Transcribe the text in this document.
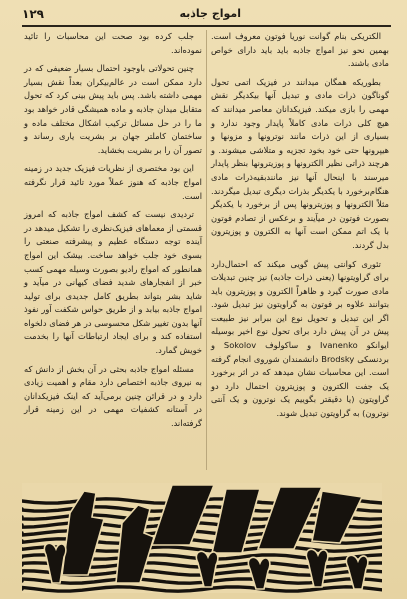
امواج جاذبه
۱۲۹

الکتریکی بنام گوانت نوریا فوتون معروف است. بهمین نحو نیز امواج جاذبه باید باید دارای خواص مادی باشند.

بطوریکه همگان میدانند در فیزیک اتمی تحول گوناگون ذرات مادی و تبدیل آنها بیکدیگر نقش مهمی را بازی میکند. فیزیکدانان معاصر میدانند که هیچ کلی ذرات مادی کاملاً پایدار وجود ندارد و بسیاری از این ذرات مانند نوترونها و مزونها و هیپرونها حتی خود بخود تجزیه و متلاشی میشوند. و هرچند ذراتی نظیر الکترونها و پوزیترونها بنظر پایدار میرسند با اینحال آنها نیز مانندبقیه‌ذرات مادی هنگام‌برخورد با یکدیگر بذرات دیگری تبدیل میگردند. مثلاً الکترونها و پوزیترونها پس از برخورد با یکدیگر بصورت فوتون در میآیند و برعکس از تصادم فوتون با یک اتم ممکن است آنها به الکترون و پوزیترون بدل گردند.

تئوری کوانتی پیش گویی میکند که احتمال‌دارد برای گراویتونها (یعنی ذرات جاذبه) نیز چنین تبدیلات مادی صورت گیرد و ظاهراً الکترون و پوزیترون باید بتوانند علاوه بر فوتون به گراویتون نیز تبدیل شود. اگر این تبدیل و تحویل نوع این ببرابر نیز طبیعت پیش در آن پیش دارد برای تحول نوع اخیر بوسیله ایوانکو Ivanenko و ساکولوف Sokolov و بردنسکی Brodsky دانشمندان شوروی انجام گرفته است. این محاسبات نشان میدهد که در اثر برخورد یک جفت الکترون و پوزیترون احتمال دارد دو گراویتون (یا دقیقتر بگوییم یک نوترون و یک آنتی نوترون) به گراویتون تبدیل شوند.

جلب کرده بود صحت این محاسبات را تائید نموده‌اند.

چنین تحولاتی باوجود احتمال بسیار ضعیفی که در دارد ممکن است در عالم‌بیکران بعداً نقش بسیار مهمی داشته باشد. پس باید پیش بینی کرد که تحول متقابل میدان جاذبه و ماده همیشگی قادر خواهد بود ما را در حل مسائل ترکیب اشکال مختلف ماده و ساختمان کاملتر جهان بر بشریت یاری رساند و تصور آن را بر بشریت بخشاید.

این بود مختصری از نظریات فیزیک جدید در زمینه امواج جاذبه که هنوز عملاً مورد تائید قرار نگرفته است.

تردیدی نیست که کشف امواج جاذبه که امروز قسمتی از معماهای فیزیک‌نظری را تشکیل میدهد در آینده توجه دستگاه عظیم و پیشرفته صنعتی را بسوی خود جلب خواهد ساخت. بیشک این امواج همانطور که امواج رادیو بصورت وسیله مهمی کسب خبر از انفجارهای شدید فضای کیهانی در میآید و شاید بشر بتواند بطریق کامل جدیدی برای تولید امواج جاذبه بیابد و از طریق حواس شکفت آور نفوذ آنها بدون تغییر شکل محسوسی در هر فضای دلخواه استفاده کند و برای ایجاد ارتباطات آنها را بخدمت خویش گمارد.

مسئله امواج جاذبه بحثی در آن بخش از دانش که به نیروی جاذبه اختصاص دارد مقام و اهمیت زیادی دارد و در قرائن چنین برمی‌آید که اینک فیزیکدانان در آستانه کشفیات مهمی در این زمینه قرار گرفته‌اند.
